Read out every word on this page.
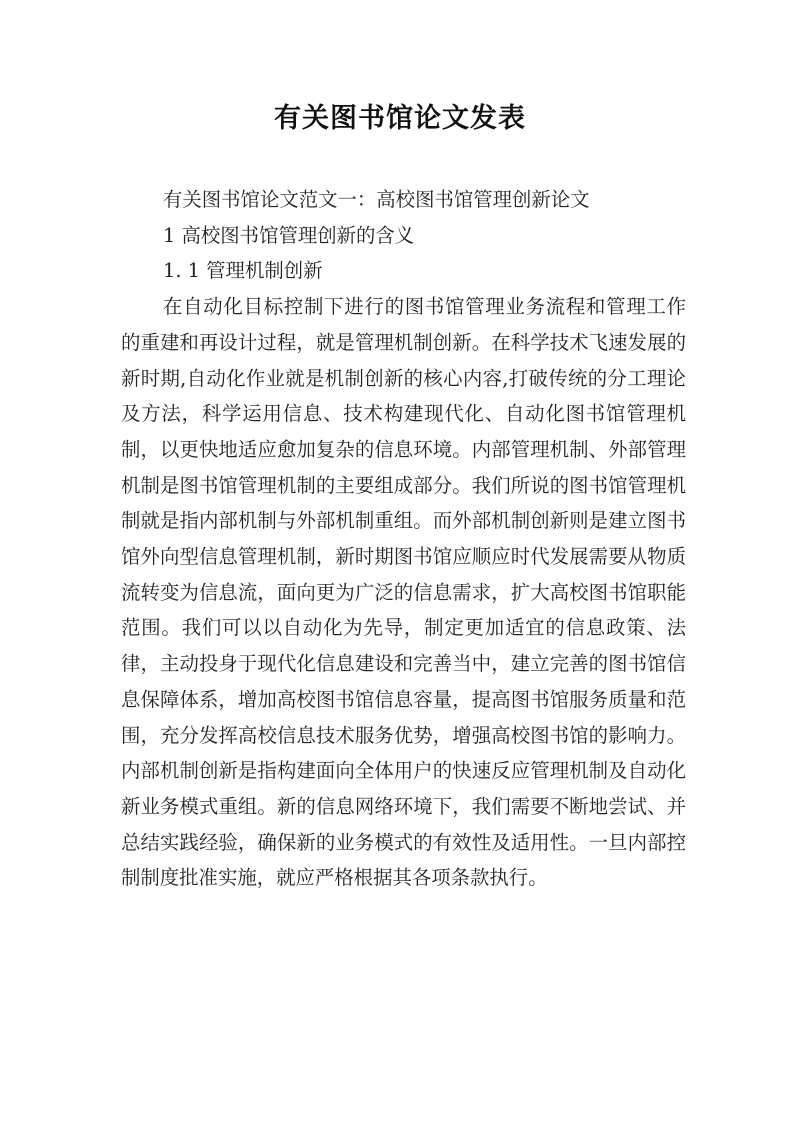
有关图书馆论文发表

有关图书馆论文范文一：高校图书馆管理创新论文

1 高校图书馆管理创新的含义

1. 1 管理机制创新

在自动化目标控制下进行的图书馆管理业务流程和管理工作的重建和再设计过程，就是管理机制创新。在科学技术飞速发展的新时期,自动化作业就是机制创新的核心内容,打破传统的分工理论及方法，科学运用信息、技术构建现代化、自动化图书馆管理机制，以更快地适应愈加复杂的信息环境。内部管理机制、外部管理机制是图书馆管理机制的主要组成部分。我们所说的图书馆管理机制就是指内部机制与外部机制重组。而外部机制创新则是建立图书馆外向型信息管理机制，新时期图书馆应顺应时代发展需要从物质流转变为信息流，面向更为广泛的信息需求，扩大高校图书馆职能范围。我们可以以自动化为先导，制定更加适宜的信息政策、法律，主动投身于现代化信息建设和完善当中，建立完善的图书馆信息保障体系，增加高校图书馆信息容量，提高图书馆服务质量和范围，充分发挥高校信息技术服务优势，增强高校图书馆的影响力。内部机制创新是指构建面向全体用户的快速反应管理机制及自动化新业务模式重组。新的信息网络环境下，我们需要不断地尝试、并总结实践经验，确保新的业务模式的有效性及适用性。一旦内部控制制度批准实施，就应严格根据其各项条款执行。
